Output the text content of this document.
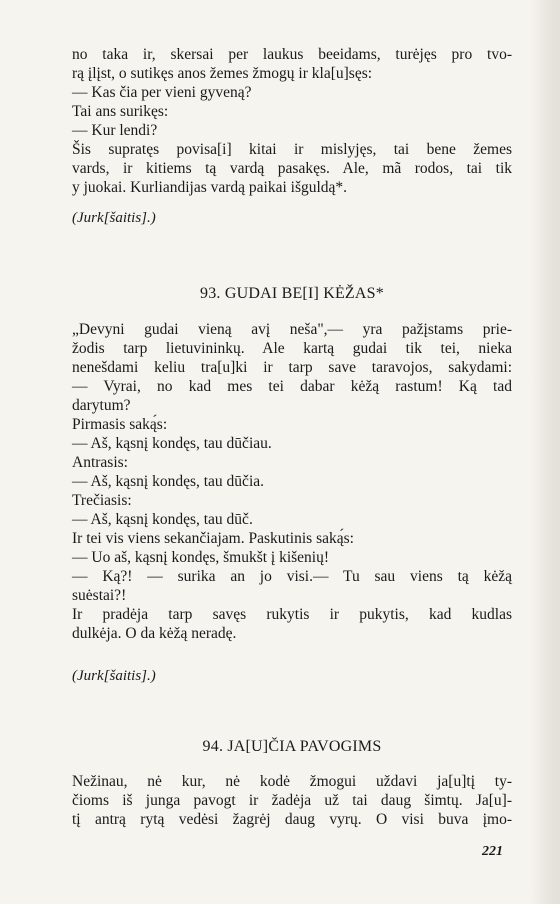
no taka ir, skersai per laukus beeidams, turėjęs pro tvo-

rą įlįst, o sutikęs anos žemes žmogų ir kla[u]sęs:

— Kas čia per vieni gyveną?

Tai ans surikęs:

— Kur lendi?

Šis supratęs povisa[i] kitai ir mislyjęs, tai bene žemes

vards, ir kitiems tą vardą pasakęs. Ale, mã rodos, tai tik

y juokai. Kurliandijas vardą paikai išguldą*.

(Jurk[šaitis].)
93. GUDAI BE[I] KĖŽAS*

„Devyni gudai vieną avį neša",— yra pažįstams prie-

žodis tarp lietuvininkų. Ale kartą gudai tik tei, nieka

nenešdami keliu tra[u]ki ir tarp save taravojos, sakydami:

— Vyrai, no kad mes tei dabar kėžą rastum! Ką tad

darytum?

Pirmasis saką́s:

— Aš, kąsnį kondęs, tau dūčiau.

Antrasis:

— Aš, kąsnį kondęs, tau dūčia.

Trečiasis:

— Aš, kąsnį kondęs, tau dūč.

Ir tei vis viens sekančiajam. Paskutinis saką́s:

— Uo aš, kąsnį kondęs, šmukšt į kišenių!

— Ką?! — surika an jo visi.— Tu sau viens tą kėžą

suėstai?!

Ir pradėja tarp savęs rukytis ir pukytis, kad kudlas

dulkėja. O da kėžą neradę.

(Jurk[šaitis].)
94. JA[U]ČIA PAVOGIMS

Nežinau, nė kur, nė kodė žmogui uždavi ja[u]tį ty-

čioms iš junga pavogt ir žadėja už tai daug šimtų. Ja[u]-

tį antrą rytą vedėsi žagrėj daug vyrų. O visi buva įmo-

221
